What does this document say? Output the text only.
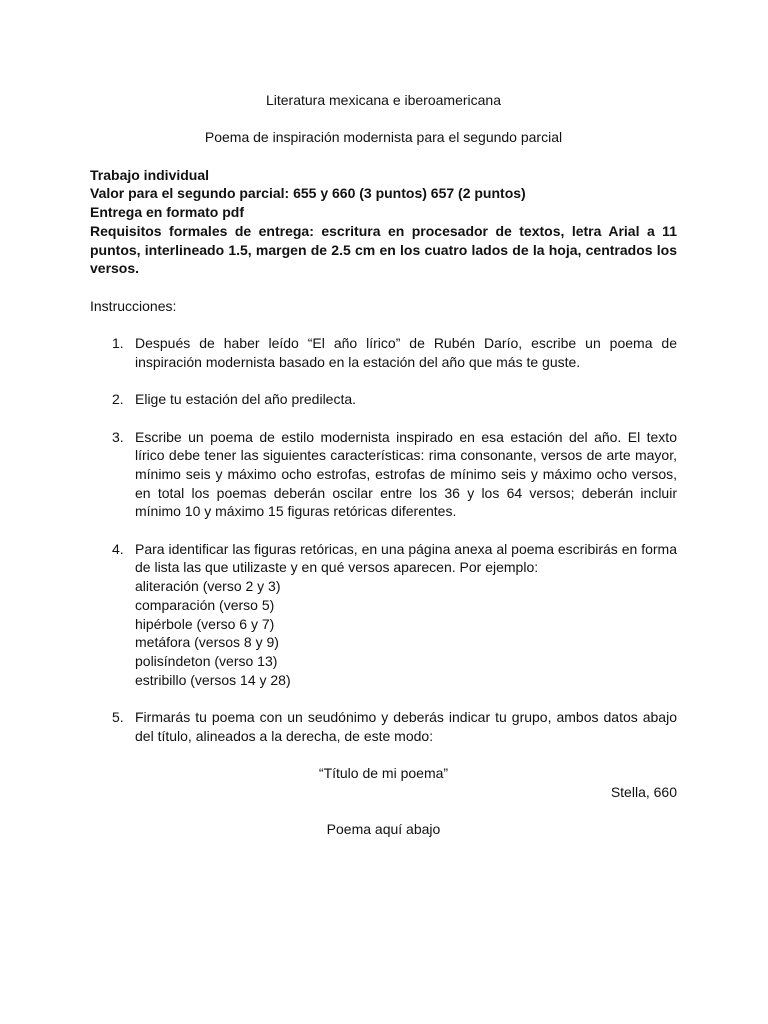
Literatura mexicana e iberoamericana

Poema de inspiración modernista para el segundo parcial

Trabajo individual

Valor para el segundo parcial: 655 y 660 (3 puntos) 657 (2 puntos)

Entrega en formato pdf

Requisitos formales de entrega: escritura en procesador de textos, letra Arial a 11 puntos, interlineado 1.5, margen de 2.5 cm en los cuatro lados de la hoja, centrados los versos.

Instrucciones:

1. Después de haber leído “El año lírico” de Rubén Darío, escribe un poema de inspiración modernista basado en la estación del año que más te guste.

2. Elige tu estación del año predilecta.

3. Escribe un poema de estilo modernista inspirado en esa estación del año. El texto lírico debe tener las siguientes características: rima consonante, versos de arte mayor, mínimo seis y máximo ocho estrofas, estrofas de mínimo seis y máximo ocho versos, en total los poemas deberán oscilar entre los 36 y los 64 versos; deberán incluir mínimo 10 y máximo 15 figuras retóricas diferentes.

4. Para identificar las figuras retóricas, en una página anexa al poema escribirás en forma de lista las que utilizaste y en qué versos aparecen. Por ejemplo:

aliteración (verso 2 y 3)
comparación (verso 5)
hipérbole (verso 6 y 7)
metáfora (versos 8 y 9)
polisíndeton (verso 13)
estribillo (versos 14 y 28)
5. Firmarás tu poema con un seudónimo y deberás indicar tu grupo, ambos datos abajo del título, alineados a la derecha, de este modo:

“Título de mi poema”

Stella, 660

Poema aquí abajo
